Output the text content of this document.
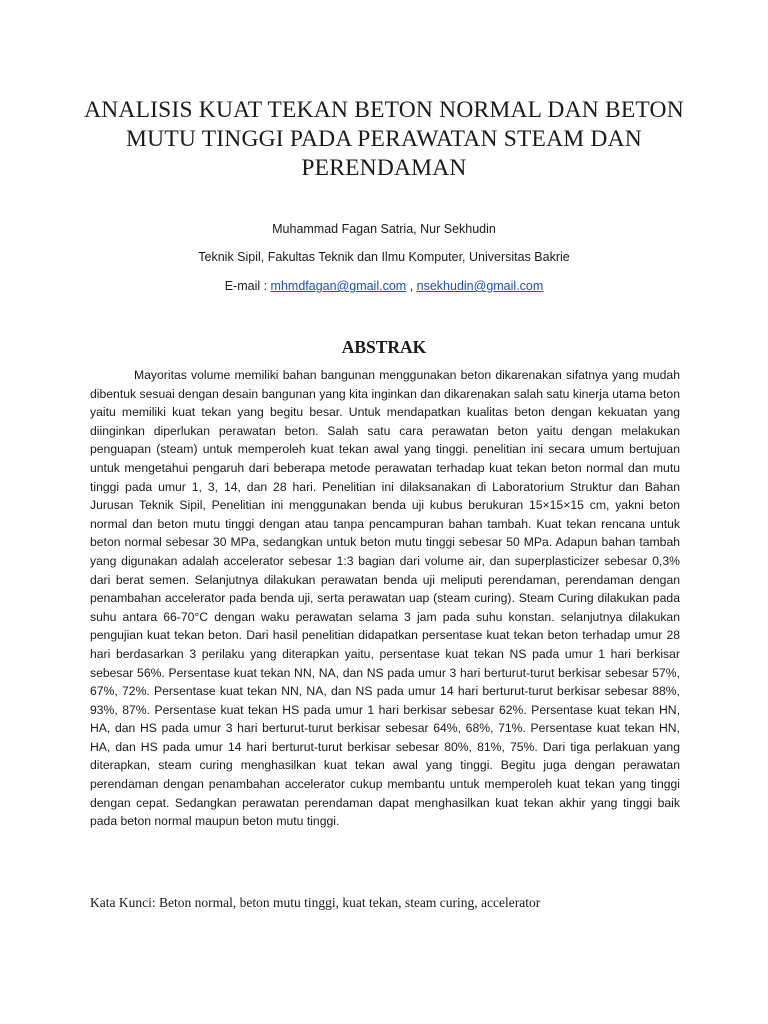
ANALISIS KUAT TEKAN BETON NORMAL DAN BETON MUTU TINGGI PADA PERAWATAN STEAM DAN PERENDAMAN
Muhammad Fagan Satria, Nur Sekhudin
Teknik Sipil, Fakultas Teknik dan Ilmu Komputer, Universitas Bakrie
E-mail : mhmdfagan@gmail.com , nsekhudin@gmail.com
ABSTRAK

Mayoritas volume memiliki bahan bangunan menggunakan beton dikarenakan sifatnya yang mudah dibentuk sesuai dengan desain bangunan yang kita inginkan dan dikarenakan salah satu kinerja utama beton yaitu memiliki kuat tekan yang begitu besar. Untuk mendapatkan kualitas beton dengan kekuatan yang diinginkan diperlukan perawatan beton. Salah satu cara perawatan beton yaitu dengan melakukan penguapan (steam) untuk memperoleh kuat tekan awal yang tinggi. penelitian ini secara umum bertujuan untuk mengetahui pengaruh dari beberapa metode perawatan terhadap kuat tekan beton normal dan mutu tinggi pada umur 1, 3, 14, dan 28 hari. Penelitian ini dilaksanakan di Laboratorium Struktur dan Bahan Jurusan Teknik Sipil, Penelitian ini menggunakan benda uji kubus berukuran 15×15×15 cm, yakni beton normal dan beton mutu tinggi dengan atau tanpa pencampuran bahan tambah. Kuat tekan rencana untuk beton normal sebesar 30 MPa, sedangkan untuk beton mutu tinggi sebesar 50 MPa. Adapun bahan tambah yang digunakan adalah accelerator sebesar 1:3 bagian dari volume air, dan superplasticizer sebesar 0,3% dari berat semen. Selanjutnya dilakukan perawatan benda uji meliputi perendaman, perendaman dengan penambahan accelerator pada benda uji, serta perawatan uap (steam curing). Steam Curing dilakukan pada suhu antara 66-70°C dengan waku perawatan selama 3 jam pada suhu konstan. selanjutnya dilakukan pengujian kuat tekan beton. Dari hasil penelitian didapatkan persentase kuat tekan beton terhadap umur 28 hari berdasarkan 3 perilaku yang diterapkan yaitu, persentase kuat tekan NS pada umur 1 hari berkisar sebesar 56%. Persentase kuat tekan NN, NA, dan NS pada umur 3 hari berturut-turut berkisar sebesar 57%, 67%, 72%. Persentase kuat tekan NN, NA, dan NS pada umur 14 hari berturut-turut berkisar sebesar 88%, 93%, 87%. Persentase kuat tekan HS pada umur 1 hari berkisar sebesar 62%. Persentase kuat tekan HN, HA, dan HS pada umur 3 hari berturut-turut berkisar sebesar 64%, 68%, 71%. Persentase kuat tekan HN, HA, dan HS pada umur 14 hari berturut-turut berkisar sebesar 80%, 81%, 75%. Dari tiga perlakuan yang diterapkan, steam curing menghasilkan kuat tekan awal yang tinggi. Begitu juga dengan perawatan perendaman dengan penambahan accelerator cukup membantu untuk memperoleh kuat tekan yang tinggi dengan cepat. Sedangkan perawatan perendaman dapat menghasilkan kuat tekan akhir yang tinggi baik pada beton normal maupun beton mutu tinggi.

Kata Kunci: Beton normal, beton mutu tinggi, kuat tekan, steam curing, accelerator
